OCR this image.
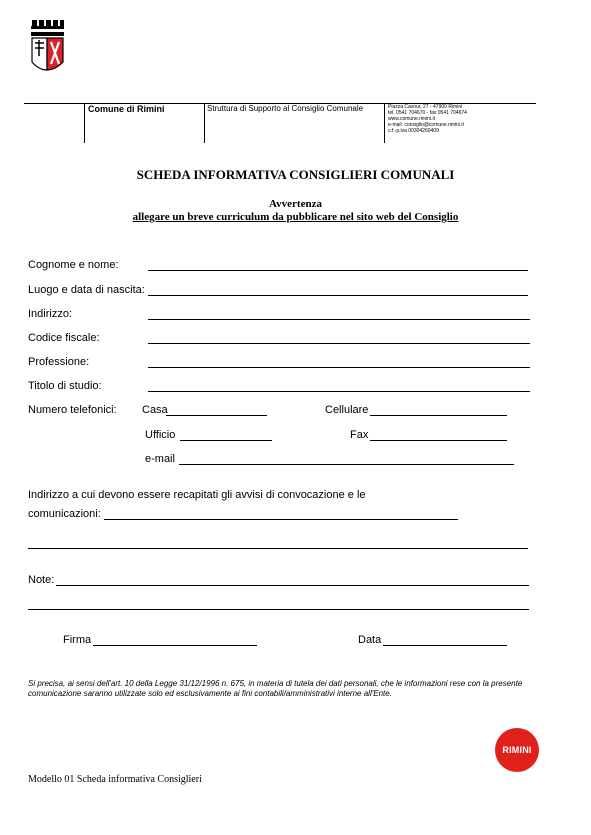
Comune di Rimini	Struttura di Supporto al Consiglio Comunale	Piazza Cavour, 27 - 47900 Rimini
tel. 0541 704670 - fax 0541 704674
www.comune.rimini.it
e-mail: consiglio@comune.rimini.it
c.f.-p.iva 00304260409
SCHEDA INFORMATIVA CONSIGLIERI COMUNALI
Avvertenza
allegare un breve curriculum da pubblicare nel sito web del Consiglio
Cognome e nome:
Luogo e data di nascita:
Indirizzo:
Codice fiscale:
Professione:
Titolo di studio:
Numero telefonici: Casa	Cellulare
Ufficio	Fax
e-mail
Indirizzo a cui devono essere recapitati gli avvisi di convocazione e le
comunicazioni:
Note:
Firma	Data
Si precisa, ai sensi dell'art. 10 della Legge 31/12/1996 n. 675, in materia di tutela dei dati personali, che le informazioni rese con la presente comunicazione saranno utilizzate solo ed esclusivamente ai fini contabili/amministrativi interne all'Ente.
RIMINI
Modello 01 Scheda informativa Consiglieri
